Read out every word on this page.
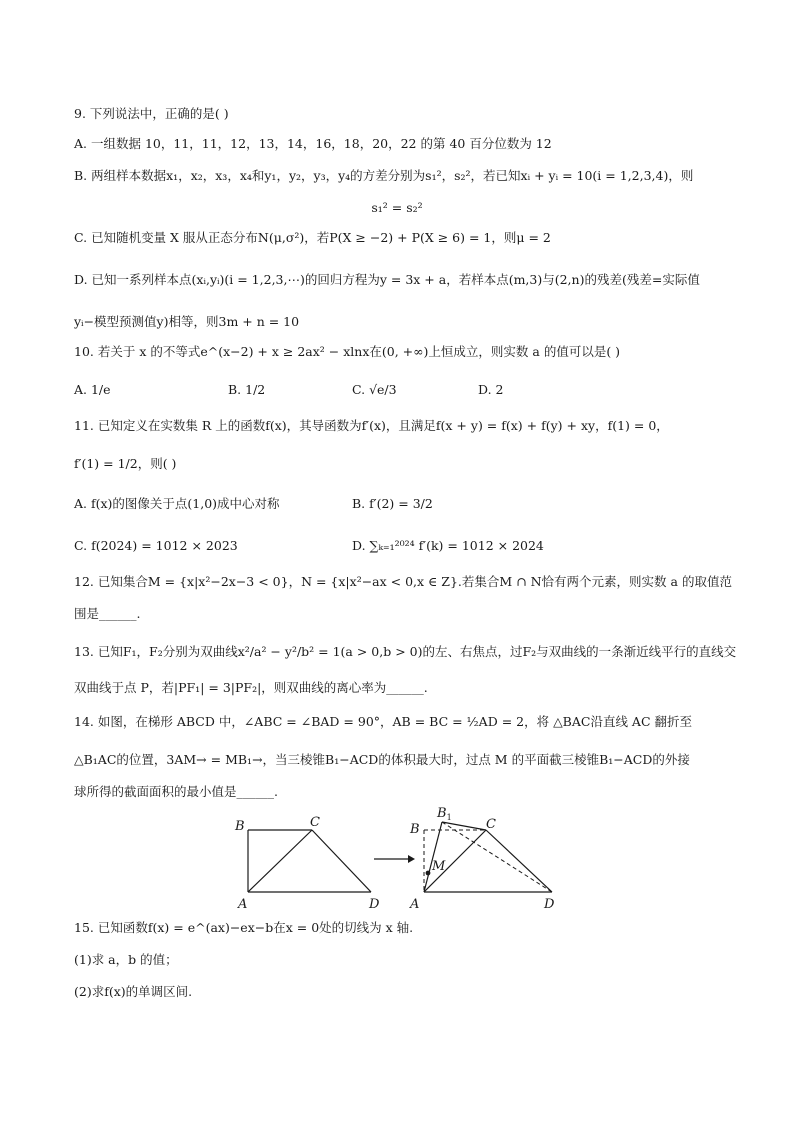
9. 下列说法中，正确的是( )
A. 一组数据 10，11，11，12，13，14，16，18，20，22 的第 40 百分位数为 12
B. 两组样本数据x₁，x₂，x₃，x₄和y₁，y₂，y₃，y₄的方差分别为s₁²，s₂²，若已知xᵢ + yᵢ = 10(i = 1,2,3,4)，则
s₁² = s₂²
C. 已知随机变量 X 服从正态分布N(μ,σ²)，若P(X ≥ −2) + P(X ≥ 6) = 1，则μ = 2
D. 已知一系列样本点(xᵢ,yᵢ)(i = 1,2,3,⋯)的回归方程为y = 3x + a，若样本点(m,3)与(2,n)的残差(残差=实际值
yᵢ−模型预测值y)相等，则3m + n = 10
10. 若关于 x 的不等式e^(x−2) + x ≥ 2ax² − xlnx在(0, +∞)上恒成立，则实数 a 的值可以是( )
A. 1/e	B. 1/2	C. √e/3	D. 2
11. 已知定义在实数集 R 上的函数f(x)，其导函数为f′(x)，且满足f(x + y) = f(x) + f(y) + xy，f(1) = 0，
f′(1) = 1/2，则( )
A. f(x)的图像关于点(1,0)成中心对称	B. f′(2) = 3/2
C. f(2024) = 1012 × 2023	D. ∑ₖ₌₁²⁰²⁴ f′(k) = 1012 × 2024
12. 已知集合M = {x|x²−2x−3 < 0}，N = {x|x²−ax < 0,x ∈ Z}.若集合M ∩ N恰有两个元素，则实数 a 的取值范
围是______.
13. 已知F₁，F₂分别为双曲线x²/a² − y²/b² = 1(a > 0,b > 0)的左、右焦点，过F₂与双曲线的一条渐近线平行的直线交
双曲线于点 P，若|PF₁| = 3|PF₂|，则双曲线的离心率为______.
14. 如图，在梯形 ABCD 中，∠ABC = ∠BAD = 90°，AB = BC = ½AD = 2，将 △BAC沿直线 AC 翻折至
△B₁AC的位置，3AM→ = MB₁→，当三棱锥B₁−ACD的体积最大时，过点 M 的平面截三棱锥B₁−ACD的外接
球所得的截面面积的最小值是______.
B	C
A	D
B
$B_1$	C
M
A	D
15. 已知函数f(x) = e^(ax)−ex−b在x = 0处的切线为 x 轴.
(1)求 a，b 的值；
(2)求f(x)的单调区间.
